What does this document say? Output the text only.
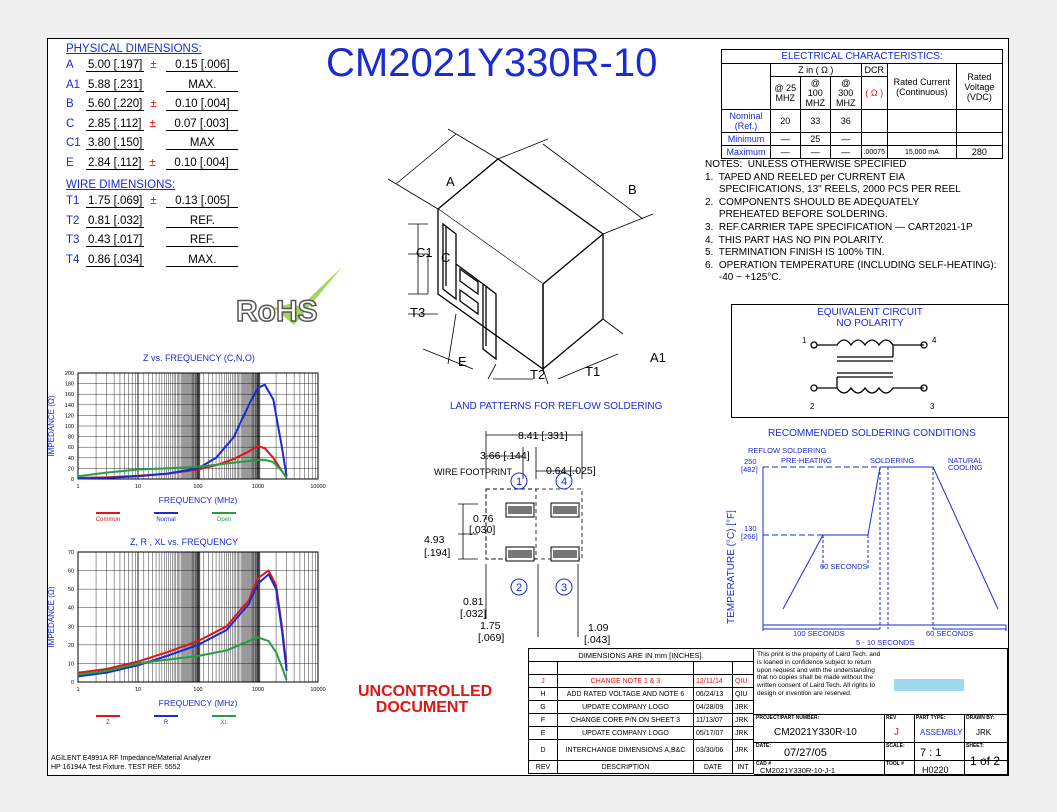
PHYSICAL DIMENSIONS:
A 5.00 [.197] ± 0.15 [.006]
A1 5.88 [.231]	MAX.
B 5.60 [.220] ± 0.10 [.004]
C 2.85 [.112] ± 0.07 [.003]
C1 3.80 [.150]	MAX
E 2.84 [.112] ± 0.10 [.004]
WIRE DIMENSIONS:
T1 1.75 [.069] ± 0.13 [.005]
T2 0.81 [.032]	REF.
T3 0.43 [.017]	REF.
T4 0.86 [.034]	MAX.
CM2021Y330R-10
RoHS
A
B
C1 C
T3
E
T2	T1
A1
ELECTRICAL CHARACTERISTICS:						
	Z in ( Ω )			DCR	Rated Current (Continuous)	Rated Voltage (VDC)
	@ 25 MHZ	@ 100 MHZ	@ 300 MHZ	( Ω )		
Nominal (Ref.)	20	33	36			
Minimum	—	25	—			
Maximum	—	—	—	.00075	15,000 mA	280
NOTES:  UNLESS OTHERWISE SPECIFIED
1.  TAPED AND REELED per CURRENT EIA
SPECIFICATIONS, 13" REELS, 2000 PCS PER REEL
2.  COMPONENTS SHOULD BE ADEQUATELY
PREHEATED BEFORE SOLDERING.
3.  REF.CARRIER TAPE SPECIFICATION — CART2021-1P
4.  THIS PART HAS NO PIN POLARITY.
5.  TERMINATION FINISH IS 100% TIN.
6.  OPERATION TEMPERATURE (INCLUDING SELF-HEATING):
-40 ~ +125°C.
EQUIVALENT CIRCUIT
NO POLARITY
1
2	3
4
RECOMMENDED SOLDERING CONDITIONS
REFLOW SOLDERING
PRE-HEATING	SOLDERING	NATURAL
COOLING
250
[482]
130
[266]
60 SECONDS
100 SECONDS	60 SECONDS
5 - 10 SECONDS
TEMPERATURE (°C) [°F]
LAND PATTERNS FOR REFLOW SOLDERING
1
2	3
4
WIRE FOOTPRINT
8.41 [.331]
3.66 [.144]
0.64 [.025]
0.76
[.030]
4.93
[.194]
0.81
[.032]
1.75
[.069]
1.09
[.043]
Z vs. FREQUENCY (C,N,O)
0
20
40
60
80
100
120
140
160
180
200
1	10	100	1000	10000
IMPEDANCE (Ω)
FREQUENCY (MHz)
Common	Normal	Open
Z, R , XL vs. FREQUENCY
0
10
20
30
40
50
60
70
1	10	100	1000	10000
IMPEDANCE (Ω)
FREQUENCY (MHz)
Z	R	XL
AGILENT E4991A RF Impedance/Material Analyzer
HP 16194A Test Fixture. TEST REF. 5552
UNCONTROLLED
DOCUMENT
DIMENSIONS ARE IN mm [INCHES].			

J	CHANGE NOTE 1 & 3	12/11/14	QIU
H	ADD RATED VOLTAGE AND NOTE 6	06/24/13	QIU
G	UPDATE COMPANY LOGO	04/28/09	JRK
F	CHANGE CORE P/N ON SHEET 3	11/13/07	JRK
E	UPDATE COMPANY LOGO	05/17/07	JRK
D	INTERCHANGE DIMENSIONS A,B&C	03/30/06	JRK
REV	DESCRIPTION	DATE	INT
This print is the property of Laird Tech. and is loaned in confidence subject to return upon request and with the understanding that no copies shall be made without the written consent of Laird Tech. All rights to design or invention are reserved.
PROJECT/PART NUMBER:
CM2021Y330R-10
REV
J
PART TYPE:
ASSEMBLY
DRAWN BY:
JRK
DATE:
07/27/05
SCALE:
7 : 1
SHEET:
1 of 2
CAD #
CM2021Y330R-10-J-1
TOOL #
H0220
